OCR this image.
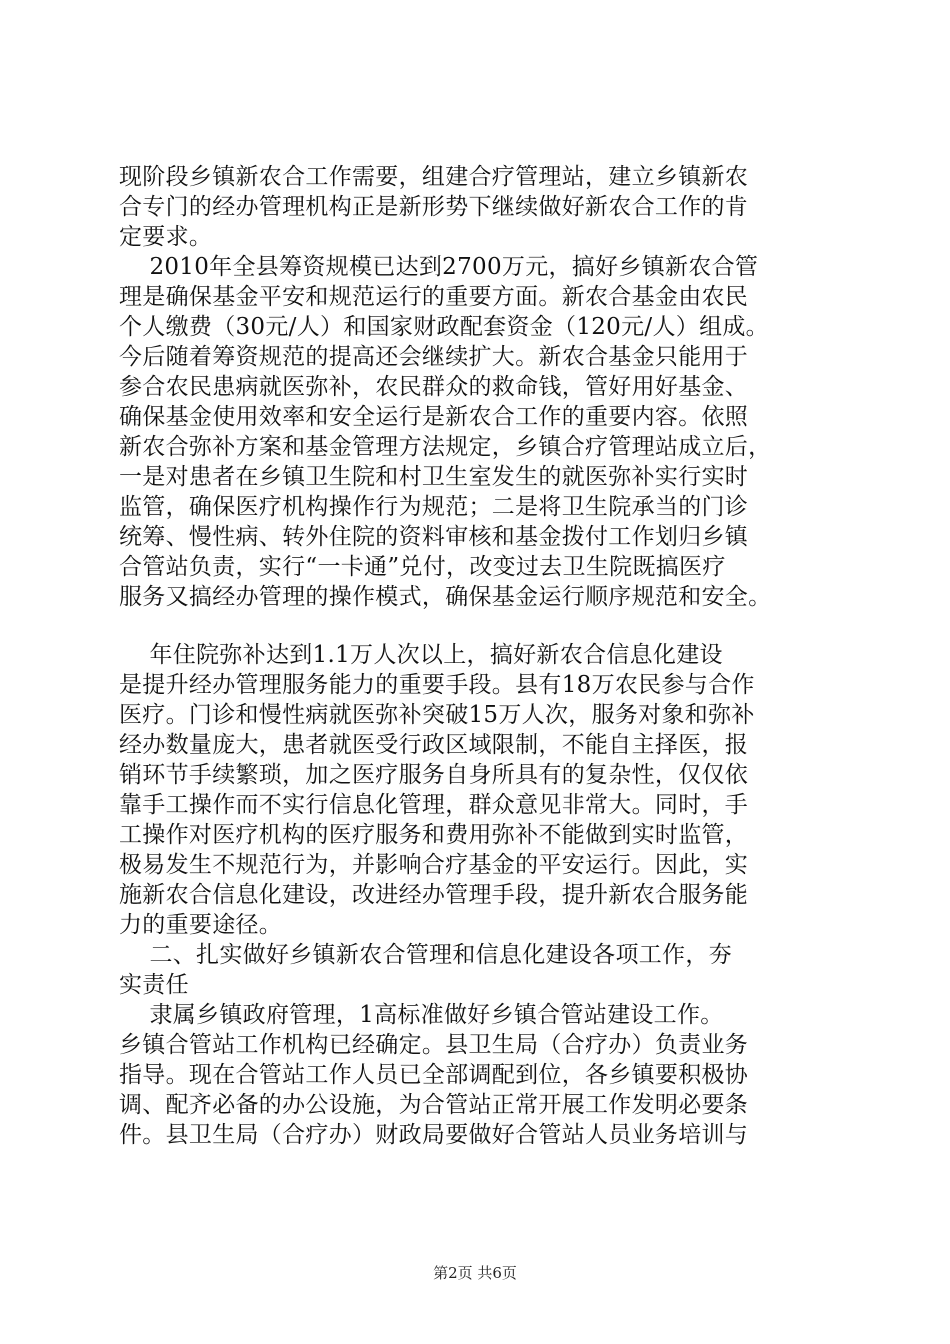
现阶段乡镇新农合工作需要，组建合疗管理站，建立乡镇新农
合专门的经办管理机构正是新形势下继续做好新农合工作的肯
定要求。
2010年全县筹资规模已达到2700万元，搞好乡镇新农合管
理是确保基金平安和规范运行的重要方面。新农合基金由农民
个人缴费（30元/人）和国家财政配套资金（120元/人）组成。
今后随着筹资规范的提高还会继续扩大。新农合基金只能用于
参合农民患病就医弥补，农民群众的救命钱，管好用好基金、
确保基金使用效率和安全运行是新农合工作的重要内容。依照
新农合弥补方案和基金管理方法规定，乡镇合疗管理站成立后，
一是对患者在乡镇卫生院和村卫生室发生的就医弥补实行实时
监管，确保医疗机构操作行为规范；二是将卫生院承当的门诊
统筹、慢性病、转外住院的资料审核和基金拨付工作划归乡镇
合管站负责，实行“一卡通”兑付，改变过去卫生院既搞医疗
服务又搞经办管理的操作模式，确保基金运行顺序规范和安全。
年住院弥补达到1.1万人次以上，搞好新农合信息化建设
是提升经办管理服务能力的重要手段。县有18万农民参与合作
医疗。门诊和慢性病就医弥补突破15万人次，服务对象和弥补
经办数量庞大，患者就医受行政区域限制，不能自主择医，报
销环节手续繁琐，加之医疗服务自身所具有的复杂性，仅仅依
靠手工操作而不实行信息化管理，群众意见非常大。同时，手
工操作对医疗机构的医疗服务和费用弥补不能做到实时监管，
极易发生不规范行为，并影响合疗基金的平安运行。因此，实
施新农合信息化建设，改进经办管理手段，提升新农合服务能
力的重要途径。
二、扎实做好乡镇新农合管理和信息化建设各项工作，夯
实责任
隶属乡镇政府管理，1高标准做好乡镇合管站建设工作。
乡镇合管站工作机构已经确定。县卫生局（合疗办）负责业务
指导。现在合管站工作人员已全部调配到位，各乡镇要积极协
调、配齐必备的办公设施，为合管站正常开展工作发明必要条
件。县卫生局（合疗办）财政局要做好合管站人员业务培训与
第2页 共6页
